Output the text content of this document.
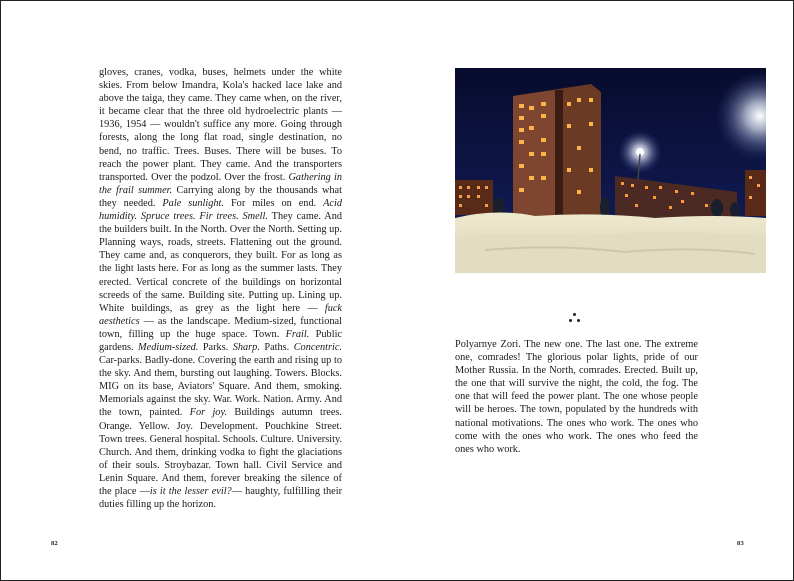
gloves, cranes, vodka, buses, helmets under the white skies. From below Imandra, Kola's hacked lace lake and above the taiga, they came. They came when, on the river, it became clear that the three old hydroelectric plants — 1936, 1954 — wouldn't suffice any more. Going through forests, along the long flat road, single destination, no bend, no traffic. Trees. Buses. There will be buses. To reach the power plant. They came. And the transporters transported. Over the podzol. Over the frost. Gathering in the frail summer. Carrying along by the thousands what they needed. Pale sunlight. For miles on end. Acid humidity. Spruce trees. Fir trees. Smell. They came. And the builders built. In the North. Over the North. Setting up. Planning ways, roads, streets. Flattening out the ground. They came and, as conquerors, they built. For as long as the light lasts here. For as long as the summer lasts. They erected. Vertical concrete of the buildings on horizontal screeds of the same. Building site. Putting up. Lining up. White buildings, as grey as the light here — fuck aesthetics — as the landscape. Medium-sized, functional town, filling up the huge space. Town. Frail. Public gardens. Medium-sized. Parks. Sharp. Paths. Concentric. Car-parks. Badly-done. Covering the earth and rising up to the sky. And them, bursting out laughing. Towers. Blocks. MIG on its base, Aviators' Square. And them, smoking. Memorials against the sky. War. Work. Nation. Army. And the town, painted. For joy. Buildings autumn trees. Orange. Yellow. Joy. Development. Pouchkine Street. Town trees. General hospital. Schools. Culture. University. Church. And them, drinking vodka to fight the glaciations of their souls. Stroybazar. Town hall. Civil Service and Lenin Square. And them, forever breaking the silence of the place —is it the lesser evil?— haughty, fulfilling their duties filling up the horizon.

82

Polyarnye Zori. The new one. The last one. The extreme one, comrades! The glorious polar lights, pride of our Mother Russia. In the North, comrades. Erected. Built up, the one that will survive the night, the cold, the fog. The one that will feed the power plant. The one whose people will be heroes. The town, populated by the hundreds with national motivations. The ones who work. The ones who come with the ones who work. The ones who feed the ones who work.

83
